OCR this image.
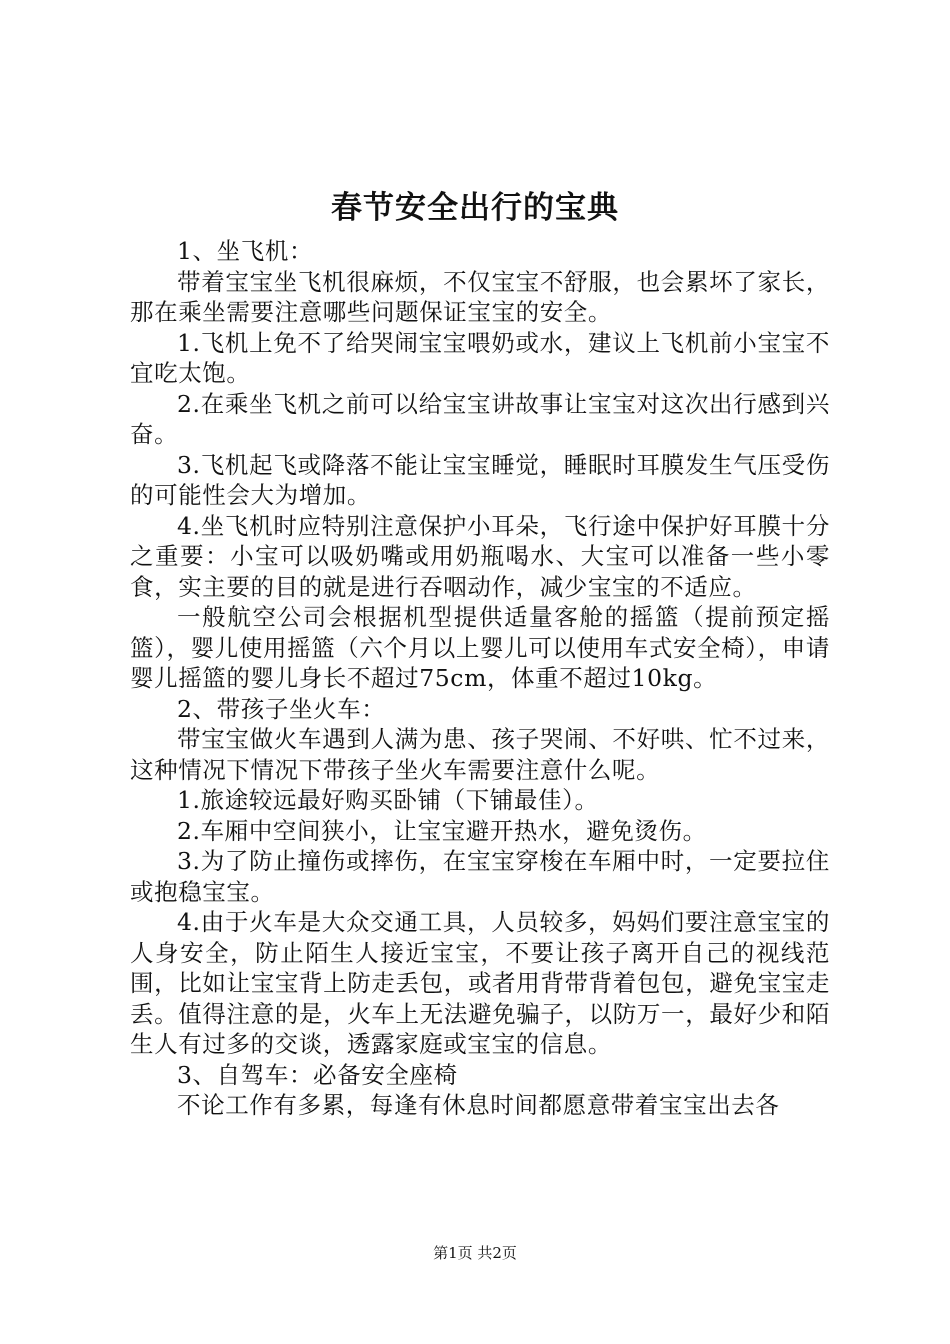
春节安全出行的宝典

1、坐飞机：

带着宝宝坐飞机很麻烦，不仅宝宝不舒服，也会累坏了家长，那在乘坐需要注意哪些问题保证宝宝的安全。

1.飞机上免不了给哭闹宝宝喂奶或水，建议上飞机前小宝宝不宜吃太饱。

2.在乘坐飞机之前可以给宝宝讲故事让宝宝对这次出行感到兴奋。

3.飞机起飞或降落不能让宝宝睡觉，睡眠时耳膜发生气压受伤的可能性会大为增加。

4.坐飞机时应特别注意保护小耳朵，飞行途中保护好耳膜十分之重要：小宝可以吸奶嘴或用奶瓶喝水、大宝可以准备一些小零食，实主要的目的就是进行吞咽动作，减少宝宝的不适应。

一般航空公司会根据机型提供适量客舱的摇篮（提前预定摇篮），婴儿使用摇篮（六个月以上婴儿可以使用车式安全椅），申请婴儿摇篮的婴儿身长不超过75cm，体重不超过10kg。

2、带孩子坐火车：

带宝宝做火车遇到人满为患、孩子哭闹、不好哄、忙不过来，这种情况下情况下带孩子坐火车需要注意什么呢。

1.旅途较远最好购买卧铺（下铺最佳）。

2.车厢中空间狭小，让宝宝避开热水，避免烫伤。

3.为了防止撞伤或摔伤，在宝宝穿梭在车厢中时，一定要拉住或抱稳宝宝。

4.由于火车是大众交通工具，人员较多，妈妈们要注意宝宝的人身安全，防止陌生人接近宝宝，不要让孩子离开自己的视线范围，比如让宝宝背上防走丢包，或者用背带背着包包，避免宝宝走丢。值得注意的是，火车上无法避免骗子，以防万一，最好少和陌生人有过多的交谈，透露家庭或宝宝的信息。

3、自驾车：必备安全座椅

不论工作有多累，每逢有休息时间都愿意带着宝宝出去各

第1页 共2页
